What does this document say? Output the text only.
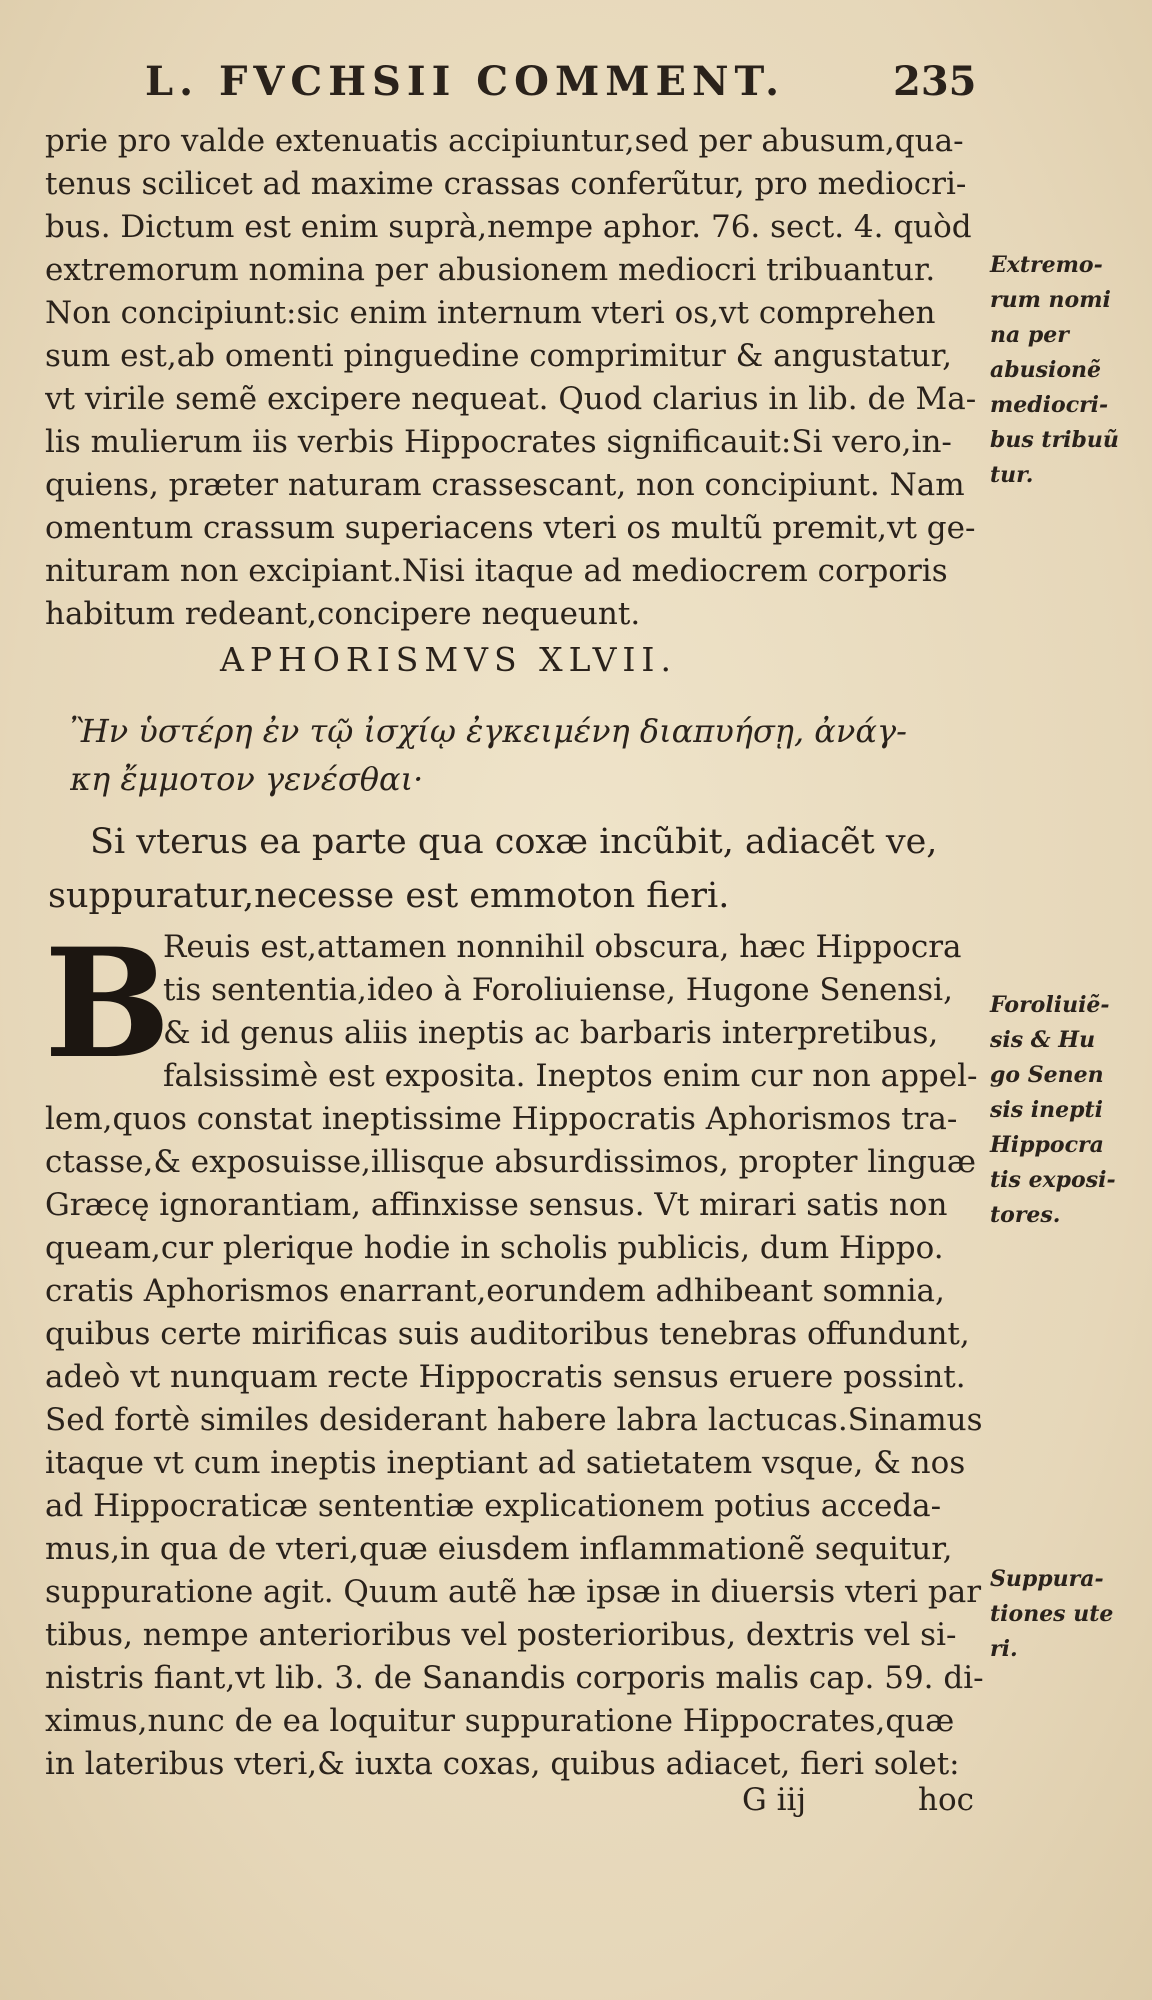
L. FVCHSII COMMENT.	235
prie pro valde extenuatis accipiuntur,sed per abusum,qua-
tenus scilicet ad maxime crassas conferũtur, pro mediocri-
bus. Dictum est enim suprà,nempe aphor. 76. sect. 4. quòd
extremorum nomina per abusionem mediocri tribuantur.
Non concipiunt:sic enim internum vteri os,vt comprehen
sum est,ab omenti pinguedine comprimitur & angustatur,
vt virile semẽ excipere nequeat. Quod clarius in lib. de Ma-
lis mulierum iis verbis Hippocrates significauit:Si vero,in-
quiens, præter naturam crassescant, non concipiunt. Nam
omentum crassum superiacens vteri os multũ premit,vt ge-
nituram non excipiant.Nisi itaque ad mediocrem corporis
habitum redeant,concipere nequeunt.
APHORISMVS XLVII.
Ἢν ὑστέρη ἐν τῷ ἰσχίῳ ἐγκειμένη διαπυήσῃ, ἀνάγ-
κη ἔμμοτον γενέσθαι·
Si vterus ea parte qua coxæ incũbit, adiacẽt ve,
suppuratur,necesse est emmoton fieri.
B
Reuis est,attamen nonnihil obscura, hæc Hippocra
tis sententia,ideo à Foroliuiense, Hugone Senensi,
& id genus aliis ineptis ac barbaris interpretibus,
falsissimè est exposita. Ineptos enim cur non appel-
lem,quos constat ineptissime Hippocratis Aphorismos tra-
ctasse,& exposuisse,illisque absurdissimos, propter linguæ
Græcę ignorantiam, affinxisse sensus. Vt mirari satis non
queam,cur plerique hodie in scholis publicis, dum Hippo.
cratis Aphorismos enarrant,eorundem adhibeant somnia,
quibus certe mirificas suis auditoribus tenebras offundunt,
adeò vt nunquam recte Hippocratis sensus eruere possint.
Sed fortè similes desiderant habere labra lactucas.Sinamus
itaque vt cum ineptis ineptiant ad satietatem vsque, & nos
ad Hippocraticæ sententiæ explicationem potius acceda-
mus,in qua de vteri,quæ eiusdem inflammationẽ sequitur,
suppuratione agit. Quum autẽ hæ ipsæ in diuersis vteri par
tibus, nempe anterioribus vel posterioribus, dextris vel si-
nistris fiant,vt lib. 3. de Sanandis corporis malis cap. 59. di-
ximus,nunc de ea loquitur suppuratione Hippocrates,quæ
in lateribus vteri,& iuxta coxas, quibus adiacet, fieri solet:
G iij	hoc
Extremo-
rum nomi
na per
abusionẽ
mediocri-
bus tribuũ
tur.
Foroliuiẽ-
sis & Hu
go Senen
sis inepti
Hippocra
tis exposi-
tores.
Suppura-
tiones ute
ri.
